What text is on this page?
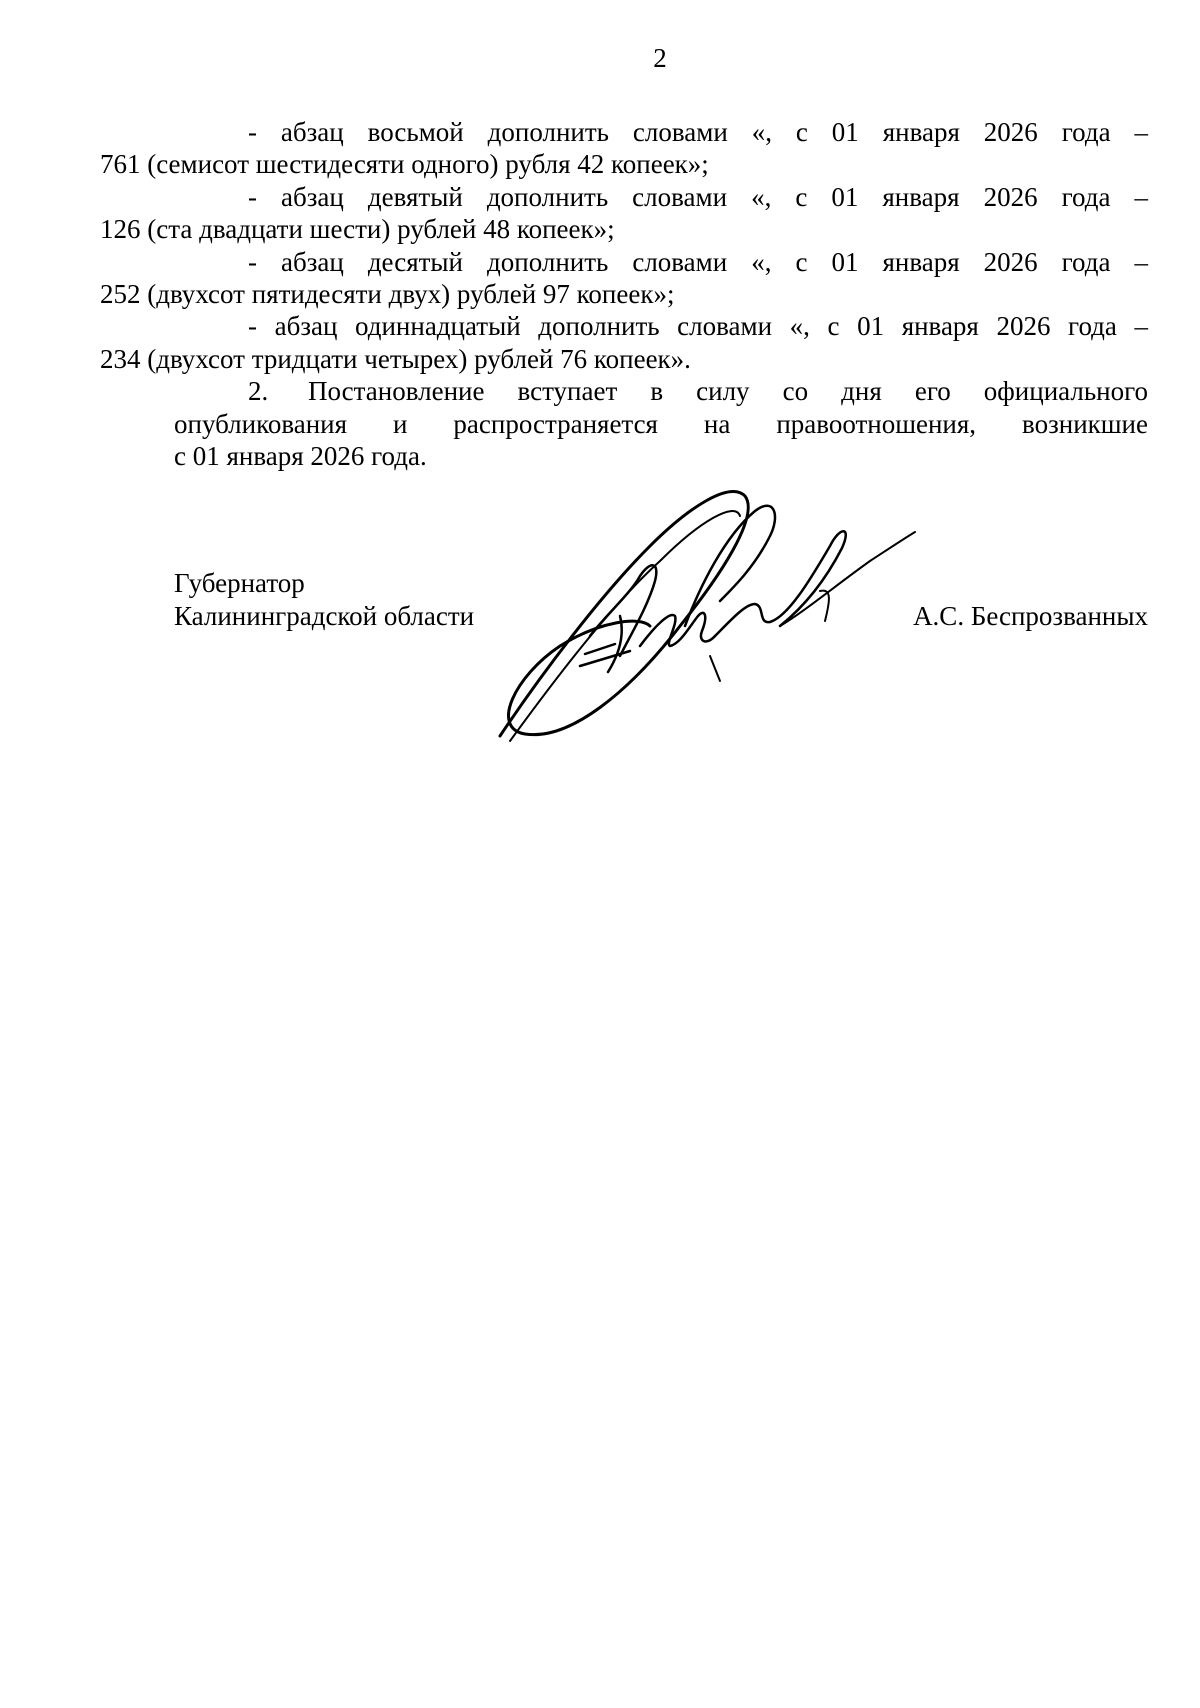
2

- абзац восьмой дополнить словами «, с 01 января 2026 года –
761 (семисот шестидесяти одного) рубля 42 копеек»;

- абзац девятый дополнить словами «, с 01 января 2026 года –
126 (ста двадцати шести) рублей 48 копеек»;

- абзац десятый дополнить словами «, с 01 января 2026 года –
252 (двухсот пятидесяти двух) рублей 97 копеек»;

- абзац одиннадцатый дополнить словами «, с 01 января 2026 года –
234 (двухсот тридцати четырех) рублей 76 копеек».

2.	Постановление вступает в силу со дня его официального
опубликования и распространяется на правоотношения, возникшие
с 01 января 2026 года.
Губернатор
Калининградской области	А.С. Беспрозванных
